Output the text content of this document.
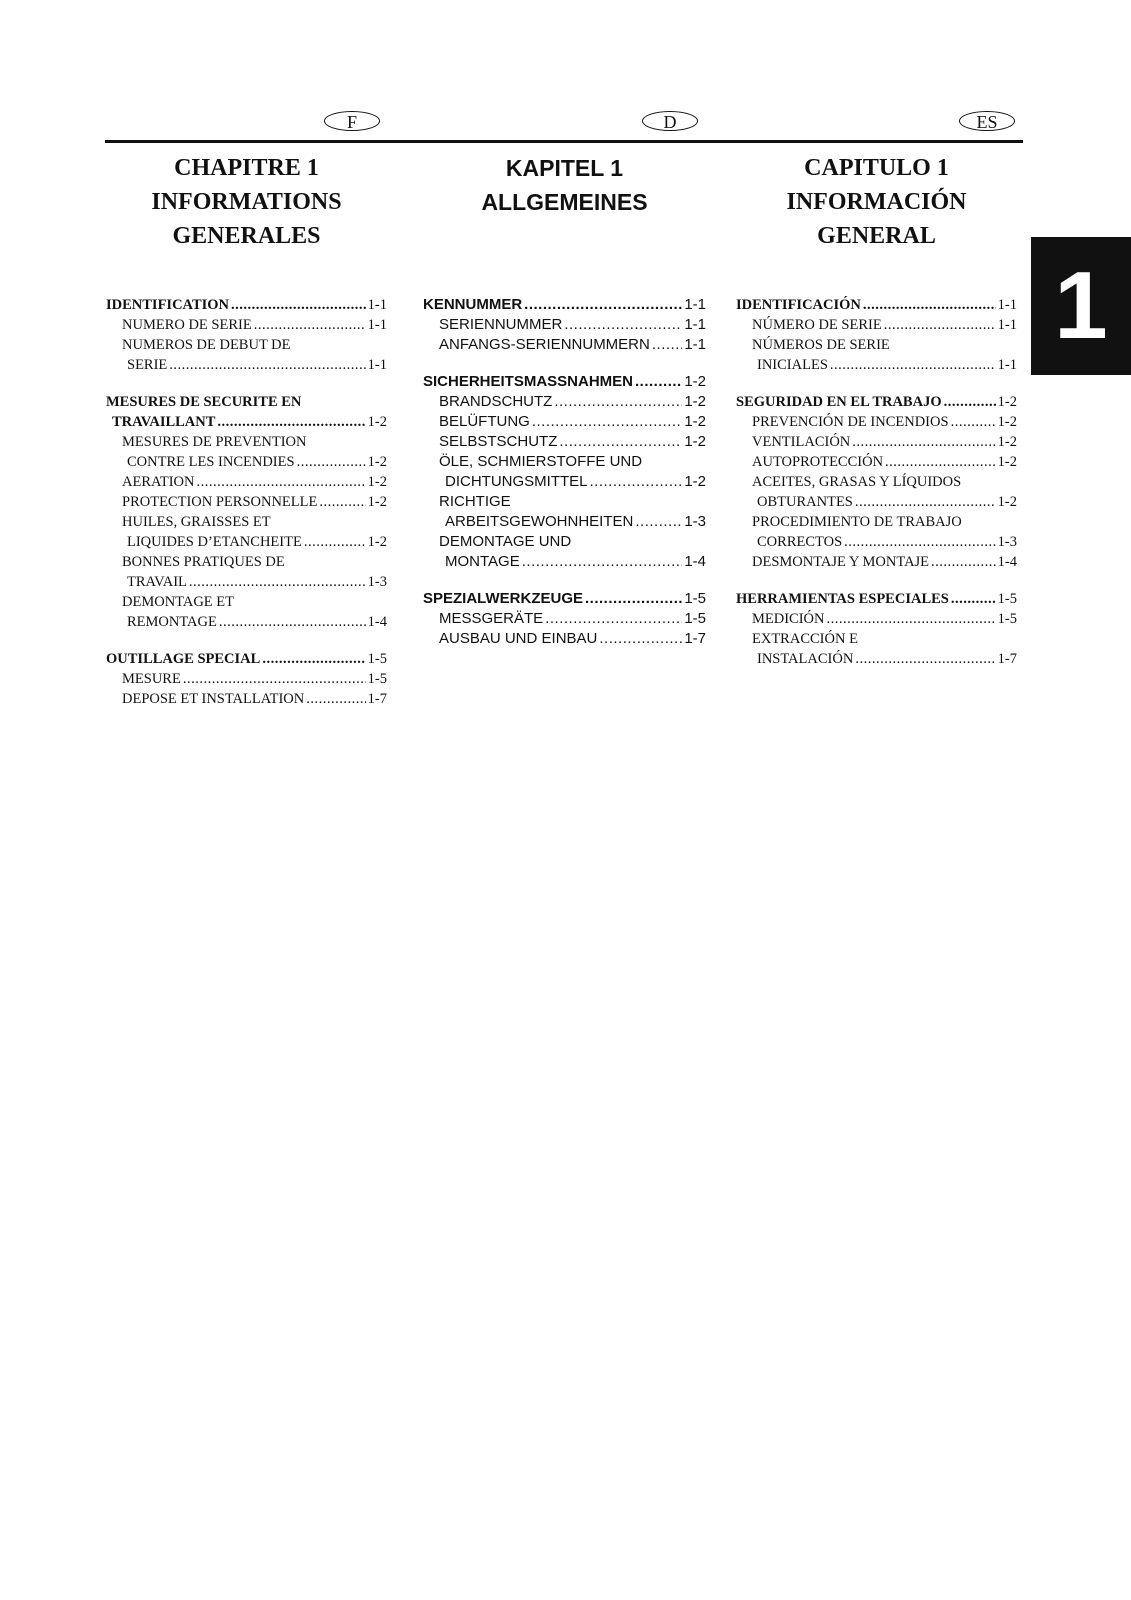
F	D	ES
CHAPITRE 1
INFORMATIONS
GENERALES
IDENTIFICATION .....	1-1
NUMERO DE SERIE .....	1-1
NUMEROS DE DEBUT DE
SERIE .....	1-1
MESURES DE SECURITE EN
TRAVAILLANT .....	1-2
MESURES DE PREVENTION
CONTRE LES INCENDIES .....	1-2
AERATION .....	1-2
PROTECTION PERSONNELLE .....	1-2
HUILES, GRAISSES ET
LIQUIDES D’ETANCHEITE .....	1-2
BONNES PRATIQUES DE
TRAVAIL .....	1-3
DEMONTAGE ET
REMONTAGE .....	1-4
OUTILLAGE SPECIAL .....	1-5
MESURE .....	1-5
DEPOSE ET INSTALLATION .....	1-7
KAPITEL 1
ALLGEMEINES
KENNUMMER .....	1-1
SERIENNUMMER .....	1-1
ANFANGS-SERIENNUMMERN ..... 1-1
SICHERHEITSMASSNAHMEN .....	1-2
BRANDSCHUTZ .....	1-2
BELÜFTUNG .....	1-2
SELBSTSCHUTZ .....	1-2
ÖLE, SCHMIERSTOFFE UND
DICHTUNGSMITTEL .....	1-2
RICHTIGE
ARBEITSGEWOHNHEITEN .....	1-3
DEMONTAGE UND
MONTAGE .....	1-4
SPEZIALWERKZEUGE .....	1-5
MESSGERÄTE .....	1-5
AUSBAU UND EINBAU .....	1-7
CAPITULO 1
INFORMACIÓN
GENERAL
IDENTIFICACIÓN .....	1-1
NÚMERO DE SERIE .....	1-1
NÚMEROS DE SERIE
INICIALES .....	1-1
SEGURIDAD EN EL TRABAJO .....	1-2
PREVENCIÓN DE INCENDIOS .....	1-2
VENTILACIÓN .....	1-2
AUTOPROTECCIÓN .....	1-2
ACEITES, GRASAS Y LÍQUIDOS
OBTURANTES .....	1-2
PROCEDIMIENTO DE TRABAJO
CORRECTOS .....	1-3
DESMONTAJE Y MONTAJE .....	1-4
HERRAMIENTAS ESPECIALES .....	1-5
MEDICIÓN .....	1-5
EXTRACCIÓN E
INSTALACIÓN .....	1-7
1
